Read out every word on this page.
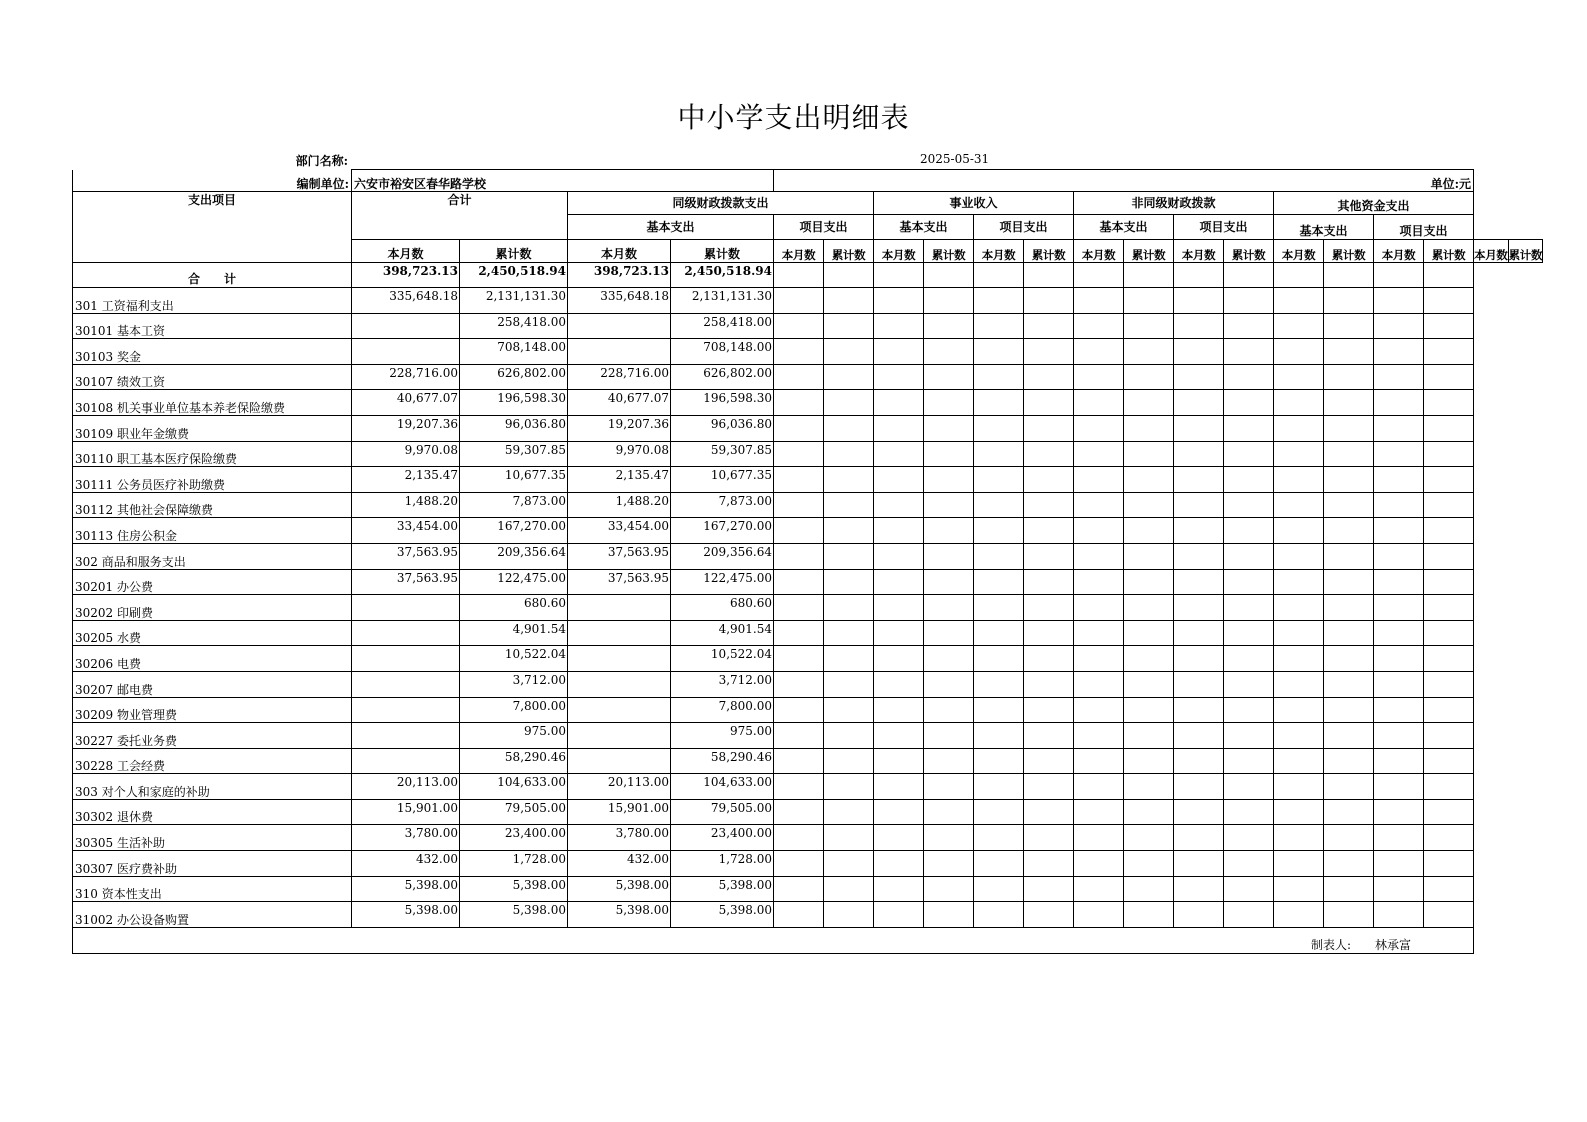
中小学支出明细表
部门名称:	2025-05-31
编制单位:	六安市裕安区春华路学校				单位:元															
支出项目	合计		同级财政拨款支出				事业收入				非同级财政拨款				其他资金支出					
			基本支出		项目支出		基本支出		项目支出		基本支出		项目支出		基本支出		项目支出			
	本月数	累计数	本月数	累计数	本月数	累计数	本月数	累计数	本月数	累计数	本月数	累计数	本月数	累计数	本月数	累计数	本月数	累计数	本月数	累计数
合　　计	398,723.13	2,450,518.94	398,723.13	2,450,518.94																
301 工资福利支出	335,648.18	2,131,131.30	335,648.18	2,131,131.30																
30101 基本工资		258,418.00		258,418.00																
30103 奖金		708,148.00		708,148.00																
30107 绩效工资	228,716.00	626,802.00	228,716.00	626,802.00																
30108 机关事业单位基本养老保险缴费	40,677.07	196,598.30	40,677.07	196,598.30																
30109 职业年金缴费	19,207.36	96,036.80	19,207.36	96,036.80																
30110 职工基本医疗保险缴费	9,970.08	59,307.85	9,970.08	59,307.85																
30111 公务员医疗补助缴费	2,135.47	10,677.35	2,135.47	10,677.35																
30112 其他社会保障缴费	1,488.20	7,873.00	1,488.20	7,873.00																
30113 住房公积金	33,454.00	167,270.00	33,454.00	167,270.00																
302 商品和服务支出	37,563.95	209,356.64	37,563.95	209,356.64																
30201 办公费	37,563.95	122,475.00	37,563.95	122,475.00																
30202 印刷费		680.60		680.60																
30205 水费		4,901.54		4,901.54																
30206 电费		10,522.04		10,522.04																
30207 邮电费		3,712.00		3,712.00																
30209 物业管理费		7,800.00		7,800.00																
30227 委托业务费		975.00		975.00																
30228 工会经费		58,290.46		58,290.46																
303 对个人和家庭的补助	20,113.00	104,633.00	20,113.00	104,633.00																
30302 退休费	15,901.00	79,505.00	15,901.00	79,505.00																
30305 生活补助	3,780.00	23,400.00	3,780.00	23,400.00																
30307 医疗费补助	432.00	1,728.00	432.00	1,728.00																
310 资本性支出	5,398.00	5,398.00	5,398.00	5,398.00																
31002 办公设备购置	5,398.00	5,398.00	5,398.00	5,398.00																

制表人: 林承富																				
